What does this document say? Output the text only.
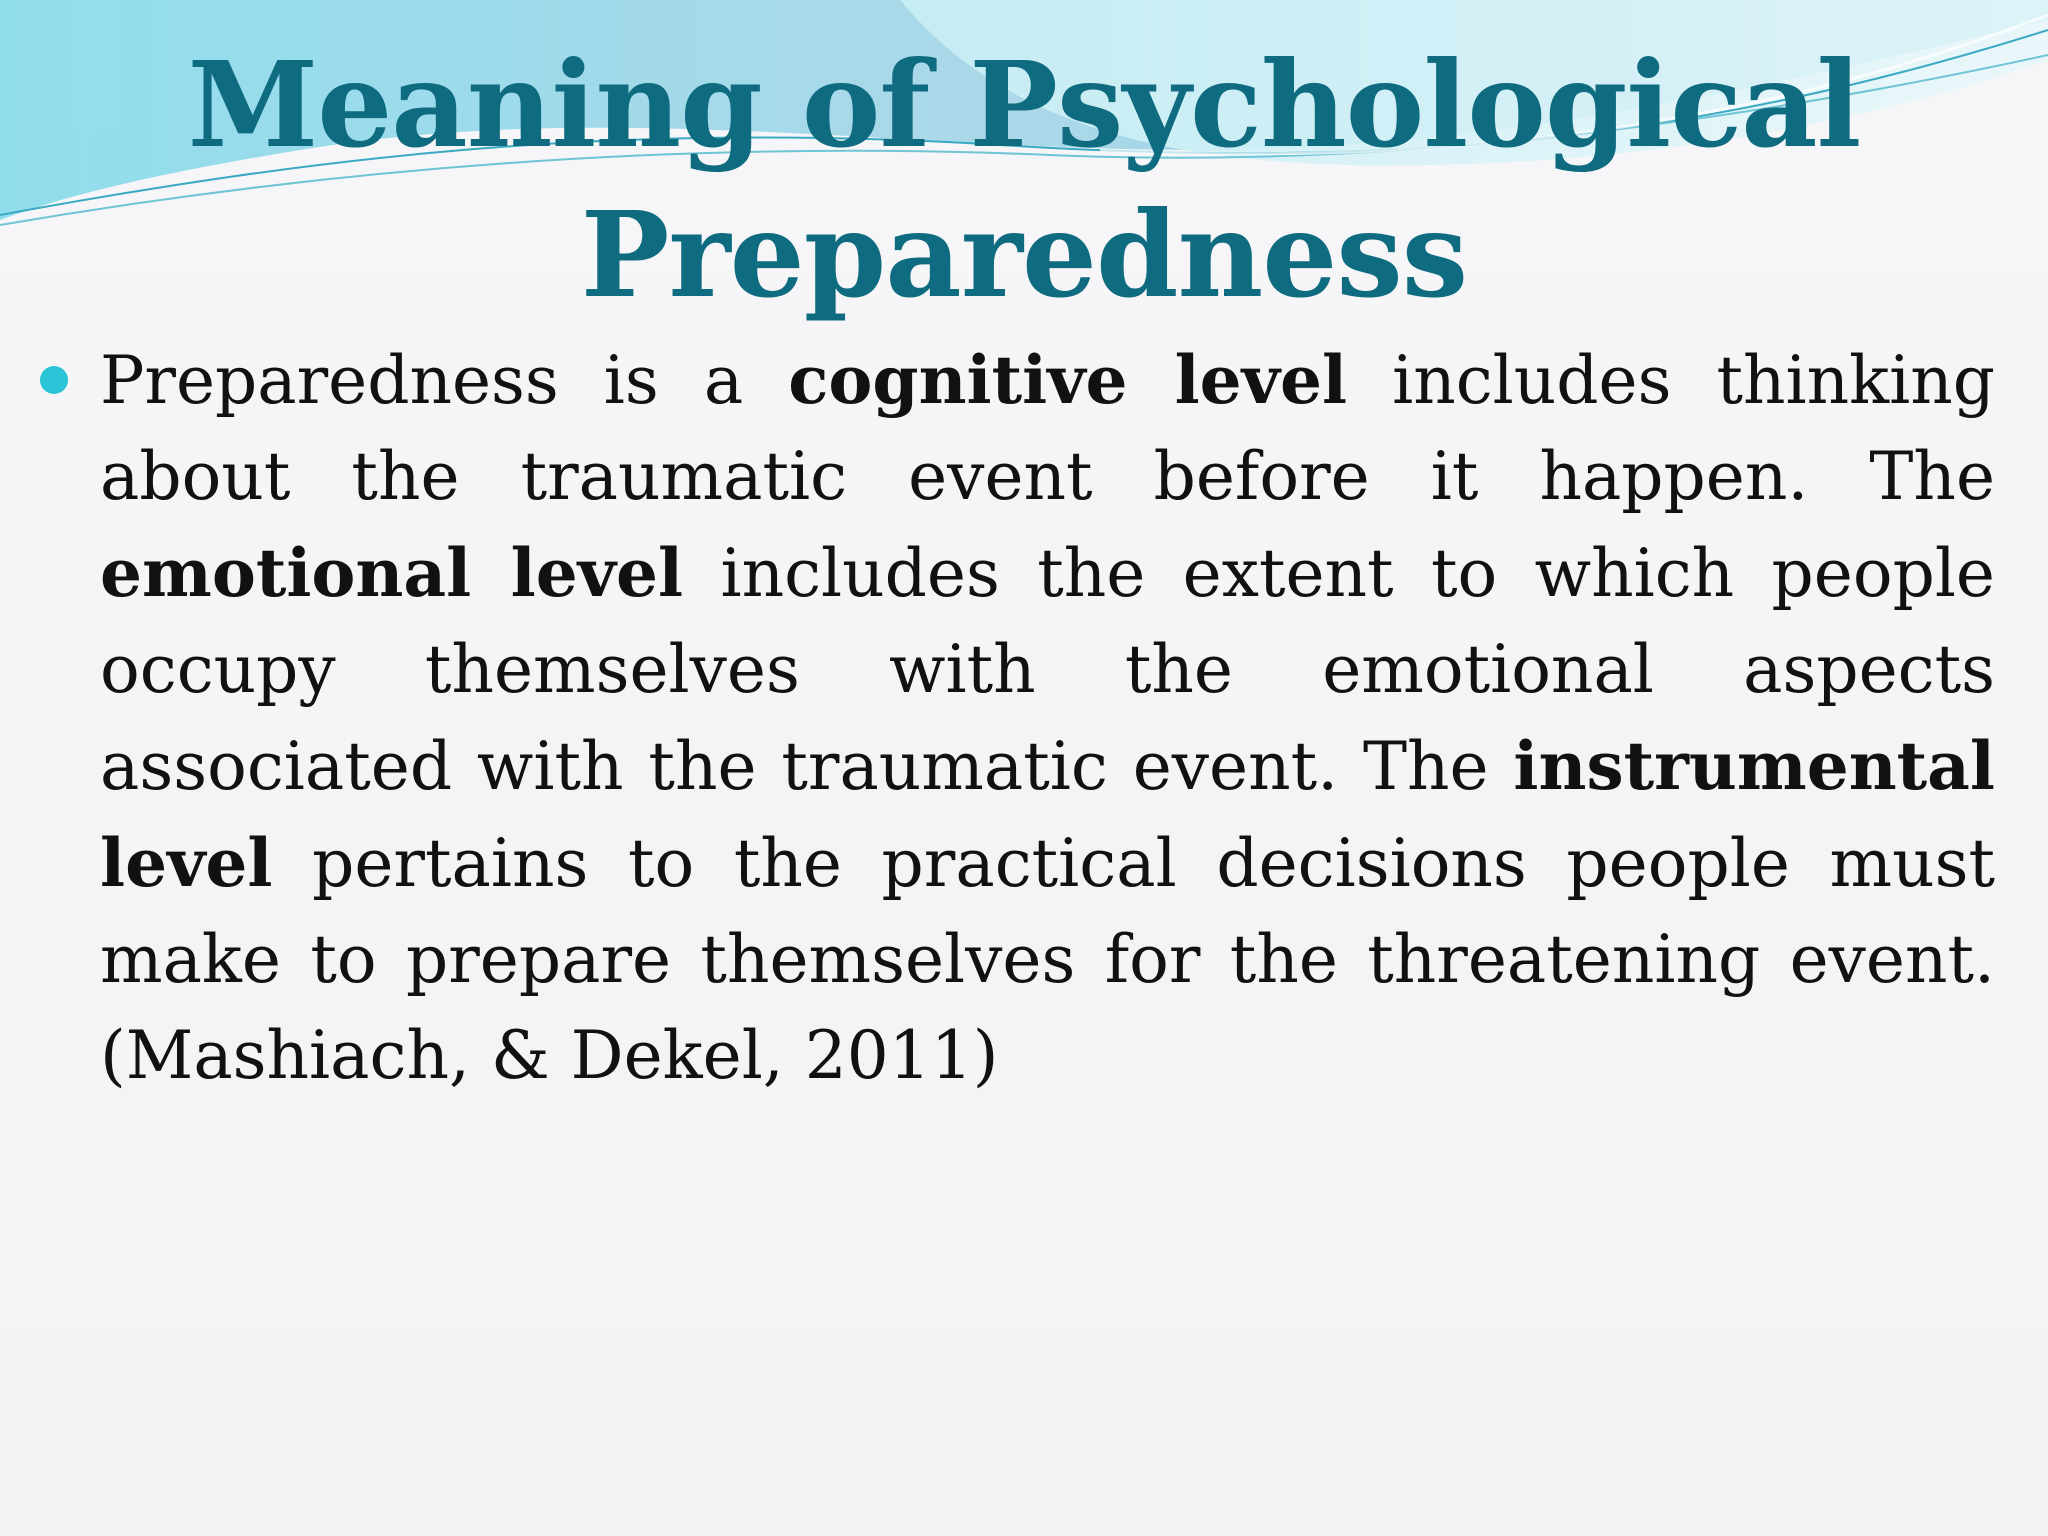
Meaning of Psychological
Preparedness
Preparedness is a cognitive level includes thinking about the traumatic event before it happen. The emotional level includes the extent to which people occupy themselves with the emotional aspects associated with the traumatic event. The instrumental level pertains to the practical decisions people must make to prepare themselves for the threatening event. (Mashiach, & Dekel, 2011)
